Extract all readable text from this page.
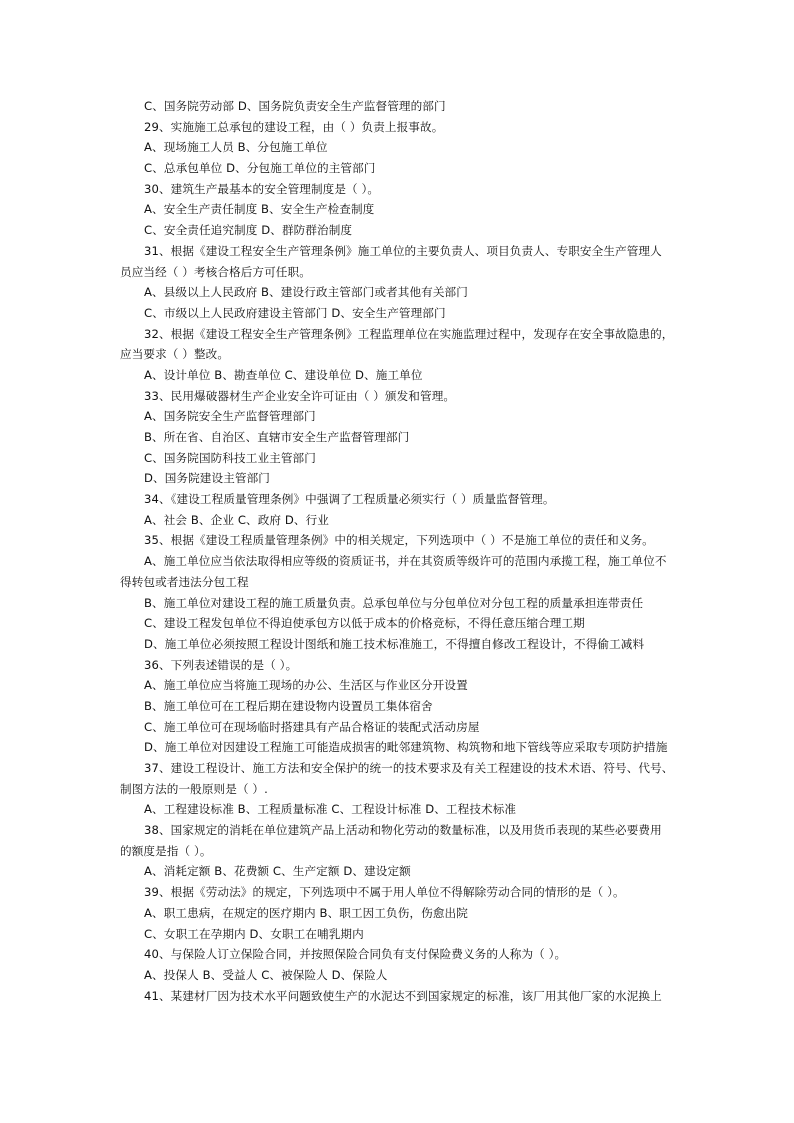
C、国务院劳动部 D、国务院负责安全生产监督管理的部门
29、实施施工总承包的建设工程，由（ ）负责上报事故。
A、现场施工人员 B、分包施工单位
C、总承包单位 D、分包施工单位的主管部门
30、建筑生产最基本的安全管理制度是（ ）。
A、安全生产责任制度 B、安全生产检查制度
C、安全责任追究制度 D、群防群治制度
31、根据《建设工程安全生产管理条例》施工单位的主要负责人、项目负责人、专职安全生产管理人
员应当经（ ）考核合格后方可任职。
A、县级以上人民政府 B、建设行政主管部门或者其他有关部门
C、市级以上人民政府建设主管部门 D、安全生产管理部门
32、根据《建设工程安全生产管理条例》工程监理单位在实施监理过程中，发现存在安全事故隐患的，
应当要求（ ）整改。
A、设计单位 B、勘查单位 C、建设单位 D、施工单位
33、民用爆破器材生产企业安全许可证由（ ）颁发和管理。
A、国务院安全生产监督管理部门
B、所在省、自治区、直辖市安全生产监督管理部门
C、国务院国防科技工业主管部门
D、国务院建设主管部门
34、《建设工程质量管理条例》中强调了工程质量必须实行（ ）质量监督管理。
A、社会 B、企业 C、政府 D、行业
35、根据《建设工程质量管理条例》中的相关规定，下列选项中（ ）不是施工单位的责任和义务。
A、施工单位应当依法取得相应等级的资质证书，并在其资质等级许可的范围内承揽工程，施工单位不
得转包或者违法分包工程
B、施工单位对建设工程的施工质量负责。总承包单位与分包单位对分包工程的质量承担连带责任
C、建设工程发包单位不得迫使承包方以低于成本的价格竞标，不得任意压缩合理工期
D、施工单位必须按照工程设计图纸和施工技术标准施工，不得擅自修改工程设计，不得偷工减料
36、下列表述错误的是（ ）。
A、施工单位应当将施工现场的办公、生活区与作业区分开设置
B、施工单位可在工程后期在建设物内设置员工集体宿舍
C、施工单位可在现场临时搭建具有产品合格证的装配式活动房屋
D、施工单位对因建设工程施工可能造成损害的毗邻建筑物、构筑物和地下管线等应采取专项防护措施
37、建设工程设计、施工方法和安全保护的统一的技术要求及有关工程建设的技术术语、符号、代号、
制图方法的一般原则是（ ）.
A、工程建设标准 B、工程质量标准 C、工程设计标准 D、工程技术标准
38、国家规定的消耗在单位建筑产品上活动和物化劳动的数量标准，以及用货币表现的某些必要费用
的额度是指（ ）。
A、消耗定额 B、花费额 C、生产定额 D、建设定额
39、根据《劳动法》的规定，下列选项中不属于用人单位不得解除劳动合同的情形的是（ ）。
A、职工患病，在规定的医疗期内 B、职工因工负伤，伤愈出院
C、女职工在孕期内 D、女职工在哺乳期内
40、与保险人订立保险合同，并按照保险合同负有支付保险费义务的人称为（ ）。
A、投保人 B、受益人 C、被保险人 D、保险人
41、某建材厂因为技术水平问题致使生产的水泥达不到国家规定的标准，该厂用其他厂家的水泥换上
